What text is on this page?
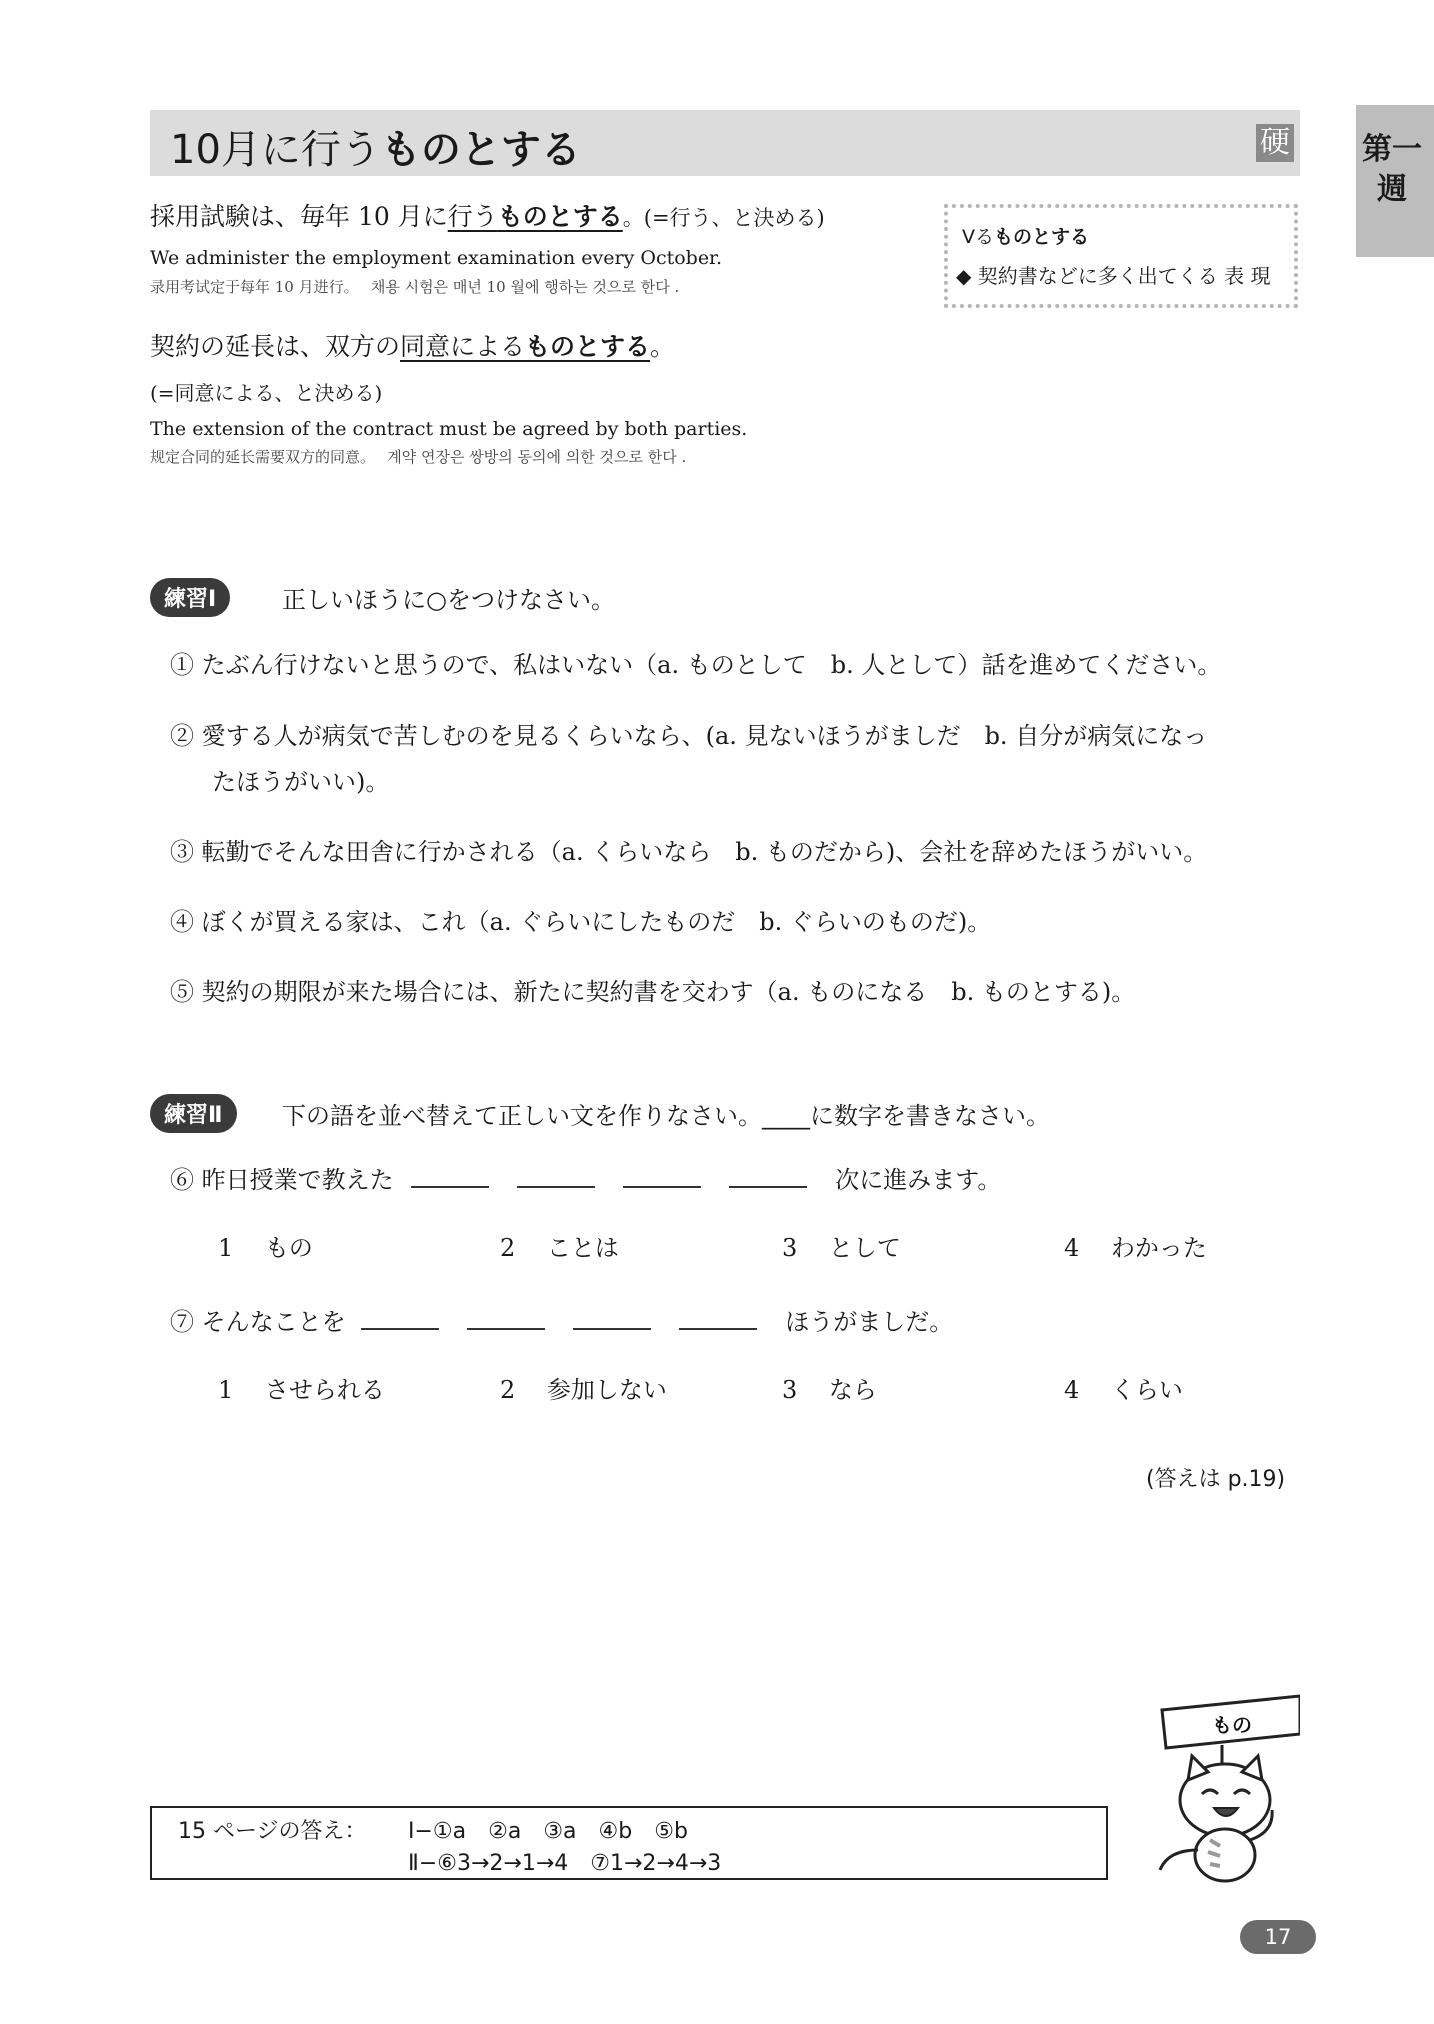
10月に行うものとする	硬 第一週
採用試験は、毎年 10 月に行うものとする。(=行う、と決める)
We administer the employment examination every October.
录用考试定于每年 10 月进行。　 채용 시험은 매년 10 월에 행하는 것으로 한다 .
Vるものとする
◆ 契約書などに多く出てくる 表 現
契約の延長は、双方の同意によるものとする。
(=同意による、と決める)
The extension of the contract must be agreed by both parties.
规定合同的延长需要双方的同意。　 계약 연장은 쌍방의 동의에 의한 것으로 한다 .
練習Ⅰ	正しいほうに○をつけなさい。
① たぶん行けないと思うので、私はいない（a. ものとして　b. 人として）話を進めてください。
② 愛する人が病気で苦しむのを見るくらいなら、(a. 見ないほうがましだ　b. 自分が病気になっ
たほうがいい)。
③ 転勤でそんな田舎に行かされる（a. くらいなら　b. ものだから)、会社を辞めたほうがいい。
④ ぼくが買える家は、これ（a. ぐらいにしたものだ　b. ぐらいのものだ)。
⑤ 契約の期限が来た場合には、新たに契約書を交わす（a. ものになる　b. ものとする)。
練習Ⅱ	下の語を並べ替えて正しい文を作りなさい。____に数字を書きなさい。
⑥ 昨日授業で教えた	次に進みます。
1　 もの	2　 ことは	3　 として	4　 わかった
⑦ そんなことを	ほうがましだ。
1　 させられる	2　 参加しない	3　 なら	4　 くらい
(答えは p.19)
もの
15 ページの答え： Ⅰ−①a　②a　③a　④b　⑤b
Ⅱ−⑥3→2→1→4　⑦1→2→4→3
17
